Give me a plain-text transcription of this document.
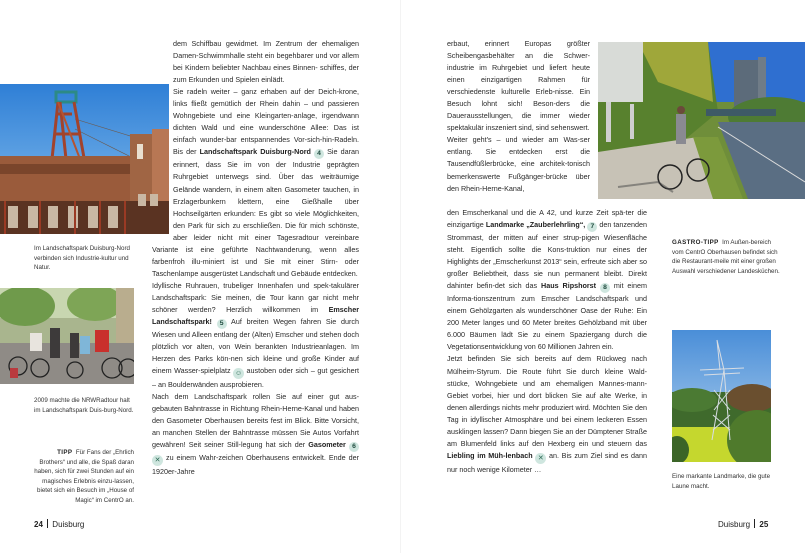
Im Landschaftspark Duisburg-Nord verbinden sich Industrie-kultur und Natur.
2009 machte die NRWRadtour halt im Landschaftspark Duis-burg-Nord.
TIPP Für Fans der „Ehrlich Brothers“ und alle, die Spaß daran haben, sich für zwei Stunden auf ein magisches Erlebnis einzu-lassen, bietet sich ein Besuch im „House of Magic“ im CentrO an.

dem Schiffbau gewidmet. Im Zentrum der ehemaligen Damen-Schwimmhalle steht ein begehbarer und vor allem bei Kindern beliebter Nachbau eines Binnen- schiffes, der zum Erkunden und Spielen einlädt.

Sie radeln weiter – ganz erhaben auf der Deich-krone, links fließt gemütlich der Rhein dahin – und passieren Wohngebiete und eine Kleingarten-anlage, irgendwann dichten Wald und eine wunderschöne Allee: Das ist einfach wunder-bar entspannendes Vor-sich-hin-Radeln. Bis der Landschaftspark Duisburg-Nord 4 Sie daran erinnert, dass Sie im von der Industrie geprägten Ruhrgebiet unterwegs sind. Über das weiträumige Gelände wandern, in einem alten Gasometer tauchen, in Erzlagerbunkern klettern, eine Gießhalle über Hochseilgärten erkunden: Es gibt so viele Möglichkeiten, den Park für sich zu erschließen. Die für mich schönste, aber leider nicht mit einer Tagesradtour vereinbare Variante ist eine geführte Nachtwanderung, wenn alles farbenfroh illu-miniert ist und Sie mit einer Stirn- oder Taschenlampe ausgerüstet Landschaft und Gebäude entdecken.

Idyllische Ruhrauen, trubeliger Innenhafen und spek-takulärer Landschaftspark: Sie meinen, die Tour kann gar nicht mehr schöner werden? Herzlich willkommen im Emscher Landschaftspark! 5 Auf breiten Wegen fahren Sie durch Wiesen und Alleen entlang der (Alten) Emscher und stehen doch plötzlich vor alten, von Wein berankten Industrieanlagen. Im Herzen des Parks kön-nen sich kleine und große Kinder auf einem Wasser-spielplatz ☺ austoben oder sich – gut gesichert – an Boulderwänden ausprobieren.

Nach dem Landschaftspark rollen Sie auf einer gut aus-gebauten Bahntrasse in Richtung Rhein-Herne-Kanal und haben den Gasometer Oberhausen bereits fest im Blick. Bitte Vorsicht, an manchen Stellen der Bahntrasse müssen Sie Autos Vorfahrt gewähren! Seit seiner Still-legung hat sich der Gasometer 6 ✕ zu einem Wahr-zeichen Oberhausens entwickelt. Ende der 1920er-Jahre

24 Duisburg

erbaut, erinnert Europas größter Scheibengasbehälter an die Schwer-industrie im Ruhrgebiet und liefert heute einen einzigartigen Rahmen für verschiedenste kulturelle Erleb-nisse. Ein Besuch lohnt sich! Beson-ders die Dauerausstellungen, die immer wieder spektakulär inszeniert sind, sind sehenswert.

Weiter geht's – und wieder am Was-ser entlang. Sie entdecken erst die Tausendfüßlerbrücke, eine architek-tonisch bemerkenswerte Fußgänger-brücke über den Rhein-Herne-Kanal,

den Emscherkanal und die A 42, und kurze Zeit spä-ter die einzigartige Landmarke „Zauberlehrling“, 7 den tanzenden Strommast, der mitten auf einer strup-pigen Wiesenfläche steht. Eigentlich sollte die Kons-truktion nur eines der Highlights der „Emscherkunst 2013“ sein, erfreute sich aber so großer Beliebtheit, dass sie nun permanent bleibt. Direkt dahinter befin-det sich das Haus Ripshorst 8 mit einem Informa-tionszentrum zum Emscher Landschaftspark und einem Gehölzgarten als wunderschöner Oase der Ruhe: Ein 200 Meter langes und 60 Meter breites Gehölzband mit über 6.000 Bäumen lädt Sie zu einem Spaziergang durch die Vegetationsentwicklung von 60 Millionen Jahren ein.

Jetzt befinden Sie sich bereits auf dem Rückweg nach Mülheim-Styrum. Die Route führt Sie durch kleine Wald-stücke, Wohngebiete und am ehemaligen Mannes-mann-Gebiet vorbei, hier und dort blicken Sie auf alte Werke, in denen allerdings nichts mehr produziert wird. Möchten Sie den Tag in idyllischer Atmosphäre und bei einem leckeren Essen ausklingen lassen? Dann biegen Sie an der Dümptener Straße am Blumenfeld links auf den Hexberg ein und steuern das Liebling im Müh-lenbach ✕ an. Bis zum Ziel sind es dann nur noch wenige Kilometer …

GASTRO-TIPP Im Außen-bereich vom CentrO Oberhausen befindet sich die Restaurant-meile mit einer großen Auswahl verschiedener Landesküchen.
Eine markante Landmarke, die gute Laune macht.
Duisburg 25
